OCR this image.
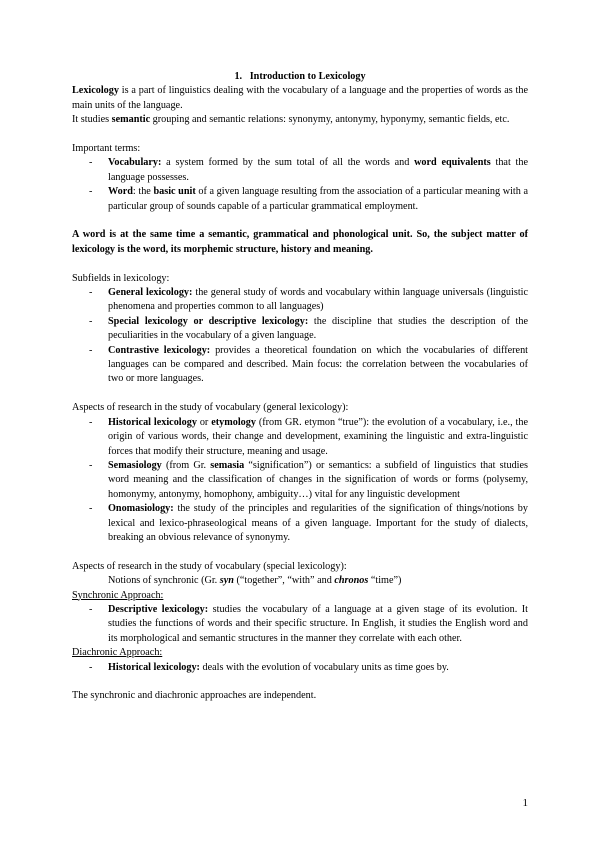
1. Introduction to Lexicology

Lexicology is a part of linguistics dealing with the vocabulary of a language and the properties of words as the main units of the language.

It studies semantic grouping and semantic relations: synonymy, antonymy, hyponymy, semantic fields, etc.

Important terms:

- Vocabulary: a system formed by the sum total of all the words and word equivalents that the language possesses.
- Word: the basic unit of a given language resulting from the association of a particular meaning with a particular group of sounds capable of a particular grammatical employment.

A word is at the same time a semantic, grammatical and phonological unit. So, the subject matter of lexicology is the word, its morphemic structure, history and meaning.

Subfields in lexicology:

- General lexicology: the general study of words and vocabulary within language universals (linguistic phenomena and properties common to all languages)
- Special lexicology or descriptive lexicology: the discipline that studies the description of the peculiarities in the vocabulary of a given language.
- Contrastive lexicology: provides a theoretical foundation on which the vocabularies of different languages can be compared and described. Main focus: the correlation between the vocabularies of two or more languages.

Aspects of research in the study of vocabulary (general lexicology):

- Historical lexicology or etymology (from GR. etymon “true”): the evolution of a vocabulary, i.e., the origin of various words, their change and development, examining the linguistic and extra-linguistic forces that modify their structure, meaning and usage.
- Semasiology (from Gr. semasia “signification”) or semantics: a subfield of linguistics that studies word meaning and the classification of changes in the signification of words or forms (polysemy, homonymy, antonymy, homophony, ambiguity…) vital for any linguistic development
- Onomasiology: the study of the principles and regularities of the signification of things/notions by lexical and lexico-phraseological means of a given language. Important for the study of dialects, breaking an obvious relevance of synonymy.

Aspects of research in the study of vocabulary (special lexicology):

Notions of synchronic (Gr. syn (“together”, “with” and chronos “time”)

Synchronic Approach:

- Descriptive lexicology: studies the vocabulary of a language at a given stage of its evolution. It studies the functions of words and their specific structure. In English, it studies the English word and its morphological and semantic structures in the manner they correlate with each other.

Diachronic Approach:

- Historical lexicology: deals with the evolution of vocabulary units as time goes by.

The synchronic and diachronic approaches are independent.

1
